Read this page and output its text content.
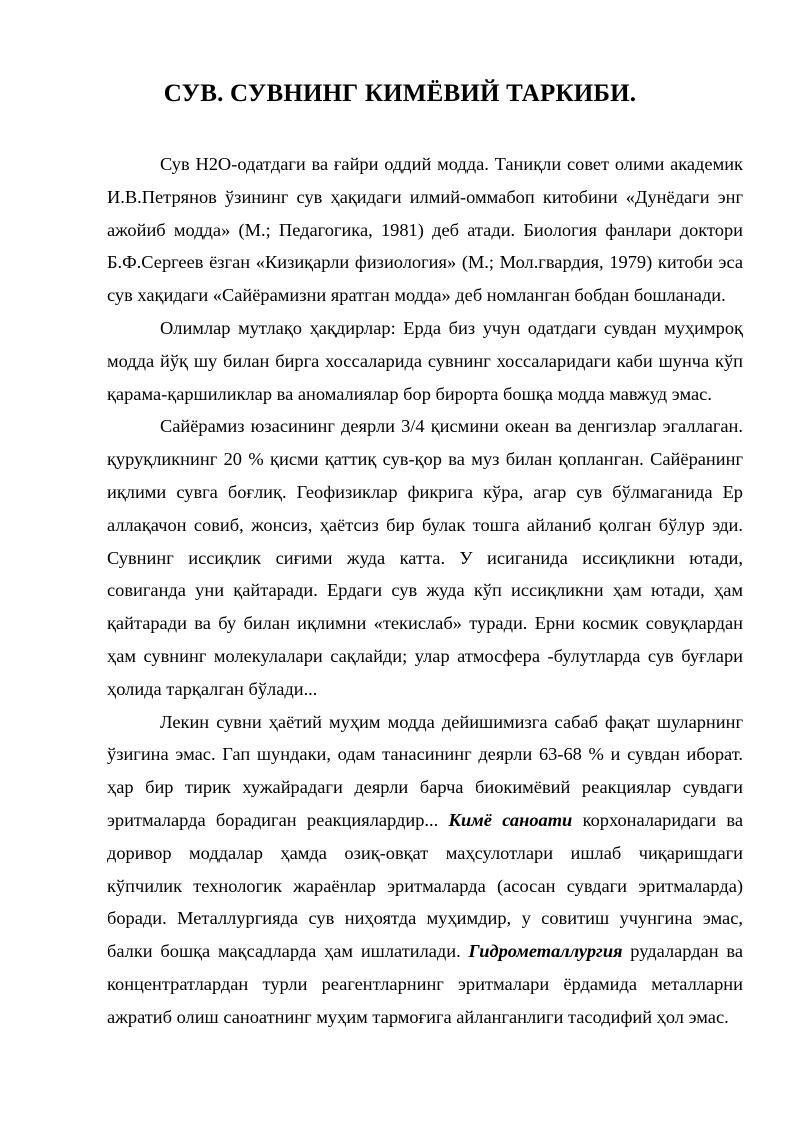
СУВ. СУВНИНГ КИМЁВИЙ ТАРКИБИ.

Сув Н2О-одатдаги ва ғайри оддий модда. Таниқли совет олими академик И.В.Петрянов ўзининг сув ҳақидаги илмий-оммабоп китобини «Дунёдаги энг ажойиб модда» (М.; Педагогика, 1981) деб атади. Биология фанлари доктори Б.Ф.Сергеев ёзган «Кизиқарли физиология» (М.; Мол.гвардия, 1979) китоби эса сув хақидаги «Сайёрамизни яратган модда» деб номланган бобдан бошланади.

Олимлар мутлақо ҳақдирлар: Ерда биз учун одатдаги сувдан муҳимроқ модда йўқ шу билан бирга хоссаларида сувнинг хоссаларидаги каби шунча кўп қарама-қаршиликлар ва аномалиялар бор бирорта бошқа модда мавжуд эмас.

Сайёрамиз юзасининг деярли 3/4 қисмини океан ва денгизлар эгаллаган. қуруқликнинг 20 % қисми қаттиқ сув-қор ва муз билан қопланган. Сайёранинг иқлими сувга боғлиқ. Геофизиклар фикрига кўра, агар сув бўлмаганида Ер аллақачон совиб, жонсиз, ҳаётсиз бир булак тошга айланиб қолган бўлур эди. Сувнинг иссиқлик сиғими жуда катта. У исиганида иссиқликни ютади, совиганда уни қайтаради. Ердаги сув жуда кўп иссиқликни ҳам ютади, ҳам қайтаради ва бу билан иқлимни «текислаб» туради. Ерни космик совуқлардан ҳам сувнинг молекулалари сақлайди; улар атмосфера -булутларда сув буғлари ҳолида тарқалган бўлади...

Лекин сувни ҳаётий муҳим модда дейишимизга сабаб фақат шуларнинг ўзигина эмас. Гап шундаки, одам танасининг деярли 63-68 % и сувдан иборат. ҳар бир тирик хужайрадаги деярли барча биокимёвий реакциялар сувдаги эритмаларда борадиган реакциялардир... Кимё саноати корхоналаридаги ва доривор моддалар ҳамда озиқ-овқат маҳсулотлари ишлаб чиқаришдаги кўпчилик технологик жараёнлар эритмаларда (асосан сувдаги эритмаларда) боради. Металлургияда сув ниҳоятда муҳимдир, у совитиш учунгина эмас, балки бошқа мақсадларда ҳам ишлатилади. Гидрометаллургия рудалардан ва концентратлардан турли реагентларнинг эритмалари ёрдамида металларни ажратиб олиш саноатнинг муҳим тармоғига айланганлиги тасодифий ҳол эмас.
